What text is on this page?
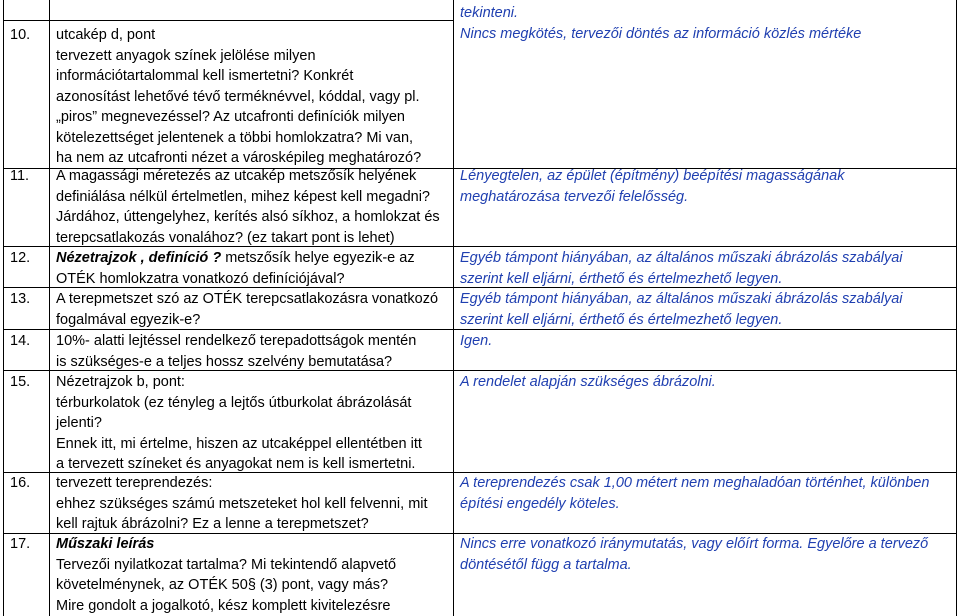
10. utcakép d, pont
tervezett anyagok színek jelölése milyen
információtartalommal kell ismertetni? Konkrét
azonosítást lehetővé tévő terméknévvel, kóddal, vagy pl.
„piros” megnevezéssel? Az utcafronti definíciók milyen
kötelezettséget jelentenek a többi homlokzatra? Mi van,
ha nem az utcafronti nézet a városképileg meghatározó?
tekinteni.
Nincs megkötés, tervezői döntés az információ közlés mértéke
11. A magassági méretezés az utcakép metszősík helyének
definiálása nélkül értelmetlen, mihez képest kell megadni?
Járdához, úttengelyhez, kerítés alsó síkhoz, a homlokzat és
terepcsatlakozás vonalához? (ez takart pont is lehet)
Lényegtelen, az épület (építmény) beépítési magasságának
meghatározása tervezői felelősség.
12. Nézetrajzok , definíció ? metszősík helye egyezik-e az
OTÉK homlokzatra vonatkozó definíciójával?
Egyéb támpont hiányában, az általános műszaki ábrázolás szabályai
szerint kell eljárni, érthető és értelmezhető legyen.
13. A terepmetszet szó az OTÉK terepcsatlakozásra vonatkozó
fogalmával egyezik-e?
Egyéb támpont hiányában, az általános műszaki ábrázolás szabályai
szerint kell eljárni, érthető és értelmezhető legyen.
14. 10%- alatti lejtéssel rendelkező terepadottságok mentén
is szükséges-e a teljes hossz szelvény bemutatása?
Igen.
15. Nézetrajzok b, pont:
térburkolatok (ez tényleg a lejtős útburkolat ábrázolását
jelenti?
Ennek itt, mi értelme, hiszen az utcaképpel ellentétben itt
a tervezett színeket és anyagokat nem is kell ismertetni.
A rendelet alapján szükséges ábrázolni.
16. tervezett tereprendezés:
ehhez szükséges számú metszeteket hol kell felvenni, mit
kell rajtuk ábrázolni? Ez a lenne a terepmetszet?
A tereprendezés csak 1,00 métert nem meghaladóan történhet, különben
építési engedély köteles.
17. Műszaki leírás
Tervezői nyilatkozat tartalma? Mi tekintendő alapvető
követelménynek, az OTÉK 50§ (3) pont, vagy más?
Mire gondolt a jogalkotó, kész komplett kivitelezésre
Nincs erre vonatkozó iránymutatás, vagy előírt forma. Egyelőre a tervező
döntésétől függ a tartalma.
